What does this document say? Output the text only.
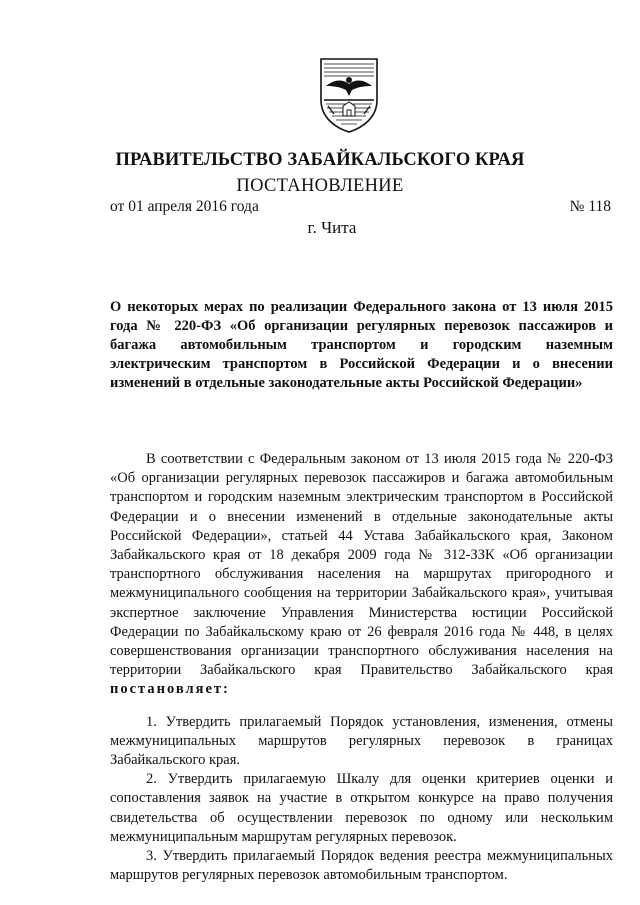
ПРАВИТЕЛЬСТВО ЗАБАЙКАЛЬСКОГО КРАЯ
ПОСТАНОВЛЕНИЕ
от 01 апреля 2016 года	№ 118
г. Чита
О некоторых мерах по реализации Федерального закона от 13 июля 2015 года № 220-ФЗ «Об организации регулярных перевозок пассажиров и багажа автомобильным транспортом и городским наземным электрическим транспортом в Российской Федерации и о внесении изменений в отдельные законодательные акты Российской Федерации»

В соответствии с Федеральным законом от 13 июля 2015 года № 220-ФЗ «Об организации регулярных перевозок пассажиров и багажа автомобильным транспортом и городским наземным электрическим транспортом в Российской Федерации и о внесении изменений в отдельные законодательные акты Российской Федерации», статьей 44 Устава Забайкальского края, Законом Забайкальского края от 18 декабря 2009 года № 312-ЗЗК «Об организации транспортного обслуживания населения на маршрутах пригородного и межмуниципального сообщения на территории Забайкальского края», учитывая экспертное заключение Управления Министерства юстиции Российской Федерации по Забайкальскому краю от 26 февраля 2016 года № 448, в целях совершенствования организации транспортного обслуживания населения на территории Забайкальского края Правительство Забайкальского края постановляет:

1. Утвердить прилагаемый Порядок установления, изменения, отмены межмуниципальных маршрутов регулярных перевозок в границах Забайкальского края.

2. Утвердить прилагаемую Шкалу для оценки критериев оценки и сопоставления заявок на участие в открытом конкурсе на право получения свидетельства об осуществлении перевозок по одному или нескольким межмуниципальным маршрутам регулярных перевозок.

3. Утвердить прилагаемый Порядок ведения реестра межмуниципальных маршрутов регулярных перевозок автомобильным транспортом.
